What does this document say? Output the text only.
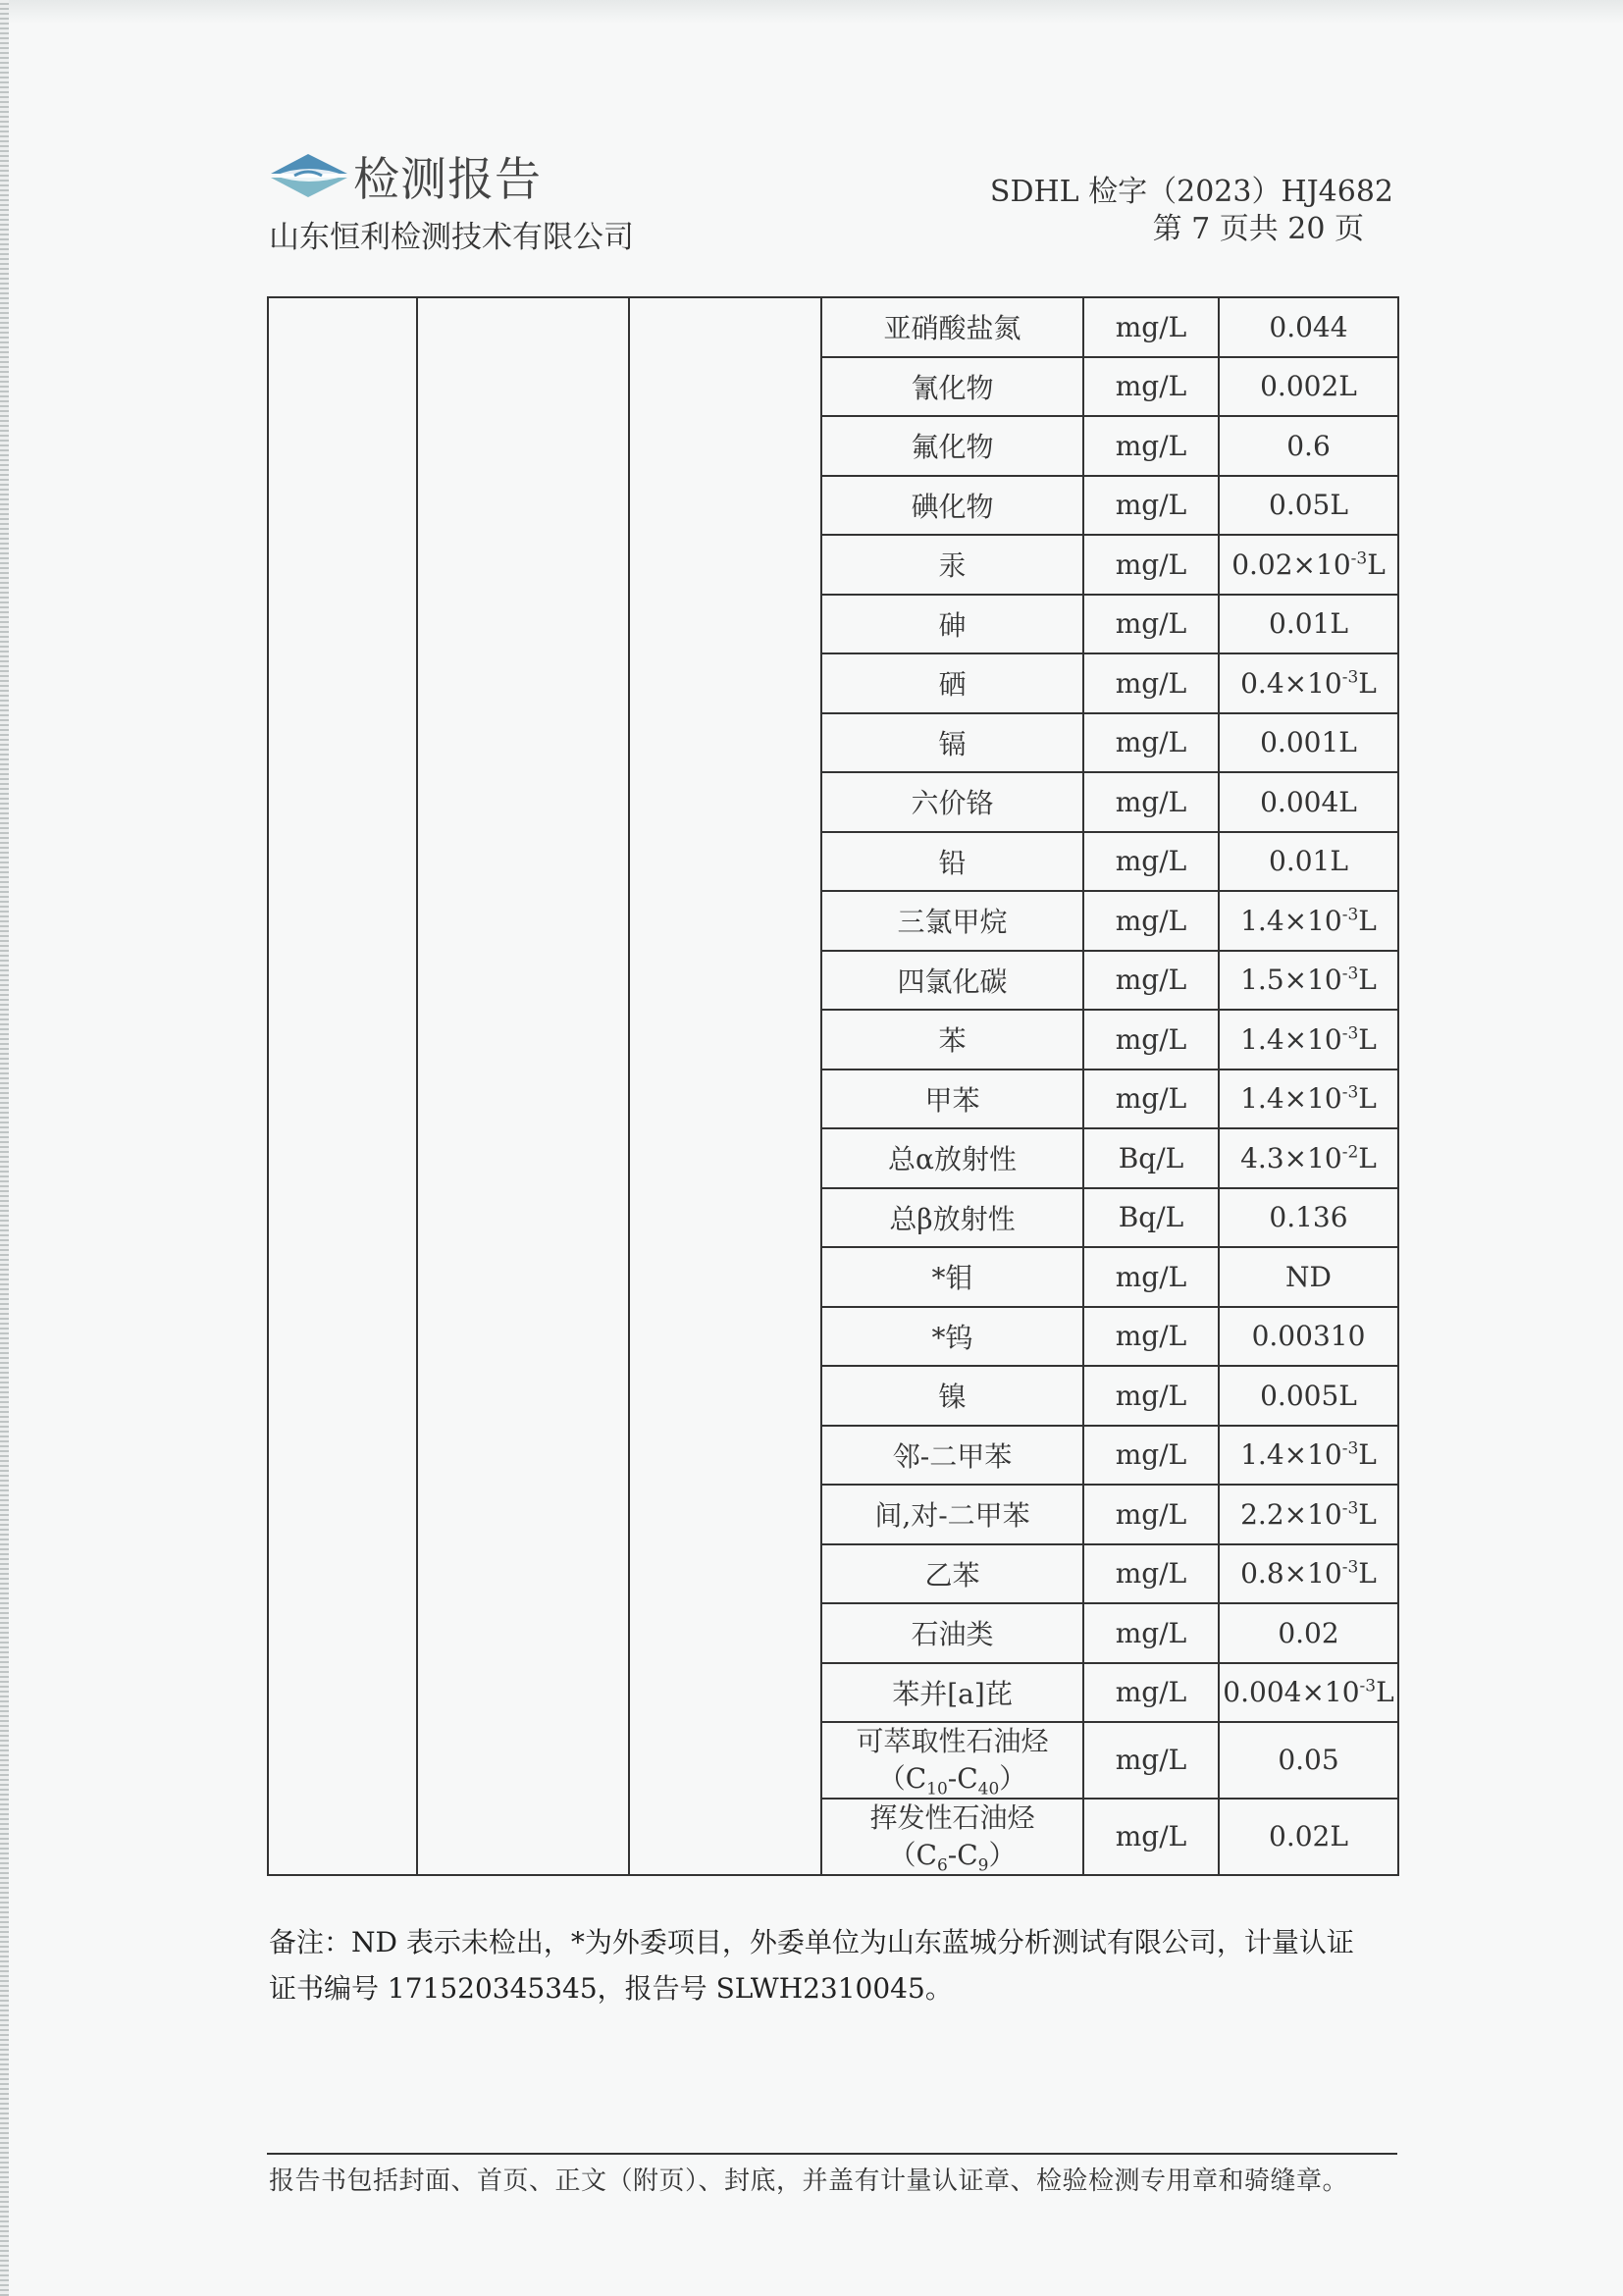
检测报告
山东恒利检测技术有限公司
SDHL 检字（2023）HJ4682
第 7 页共 20 页
			亚硝酸盐氮	mg/L	0.044
			氰化物	mg/L	0.002L
			氟化物	mg/L	0.6
			碘化物	mg/L	0.05L
			汞	mg/L	$0.02\times 10^{-3}L$
			砷	mg/L	0.01L
			硒	mg/L	$0.4\times 10^{-3}L$
			镉	mg/L	0.001L
			六价铬	mg/L	0.004L
			铅	mg/L	0.01L
			三氯甲烷	mg/L	$1.4\times 10^{-3}L$
			四氯化碳	mg/L	$1.5\times 10^{-3}L$
			苯	mg/L	$1.4\times 10^{-3}L$
			甲苯	mg/L	$1.4\times 10^{-3}L$
			总α放射性	Bq/L	$4.3\times 10^{-2}L$
			总β放射性	Bq/L	0.136
			*钼	mg/L	ND
			*钨	mg/L	0.00310
			镍	mg/L	0.005L
			邻-二甲苯	mg/L	$1.4\times 10^{-3}L$
			间,对-二甲苯	mg/L	$2.2\times 10^{-3}L$
			乙苯	mg/L	$0.8\times 10^{-3}L$
			石油类	mg/L	0.02
			苯并[a]芘	mg/L	$0.004\times 10^{-3}L$

			可萃取性石油烃
$(C_{10}-C_{40})$	mg/L	0.05

			挥发性石油烃
$(C_6-C_9)$	mg/L	0.02L
备注：ND 表示未检出，*为外委项目，外委单位为山东蓝城分析测试有限公司，计量认证
证书编号 171520345345，报告号 SLWH2310045。
报告书包括封面、首页、正文（附页）、封底，并盖有计量认证章、检验检测专用章和骑缝章。
